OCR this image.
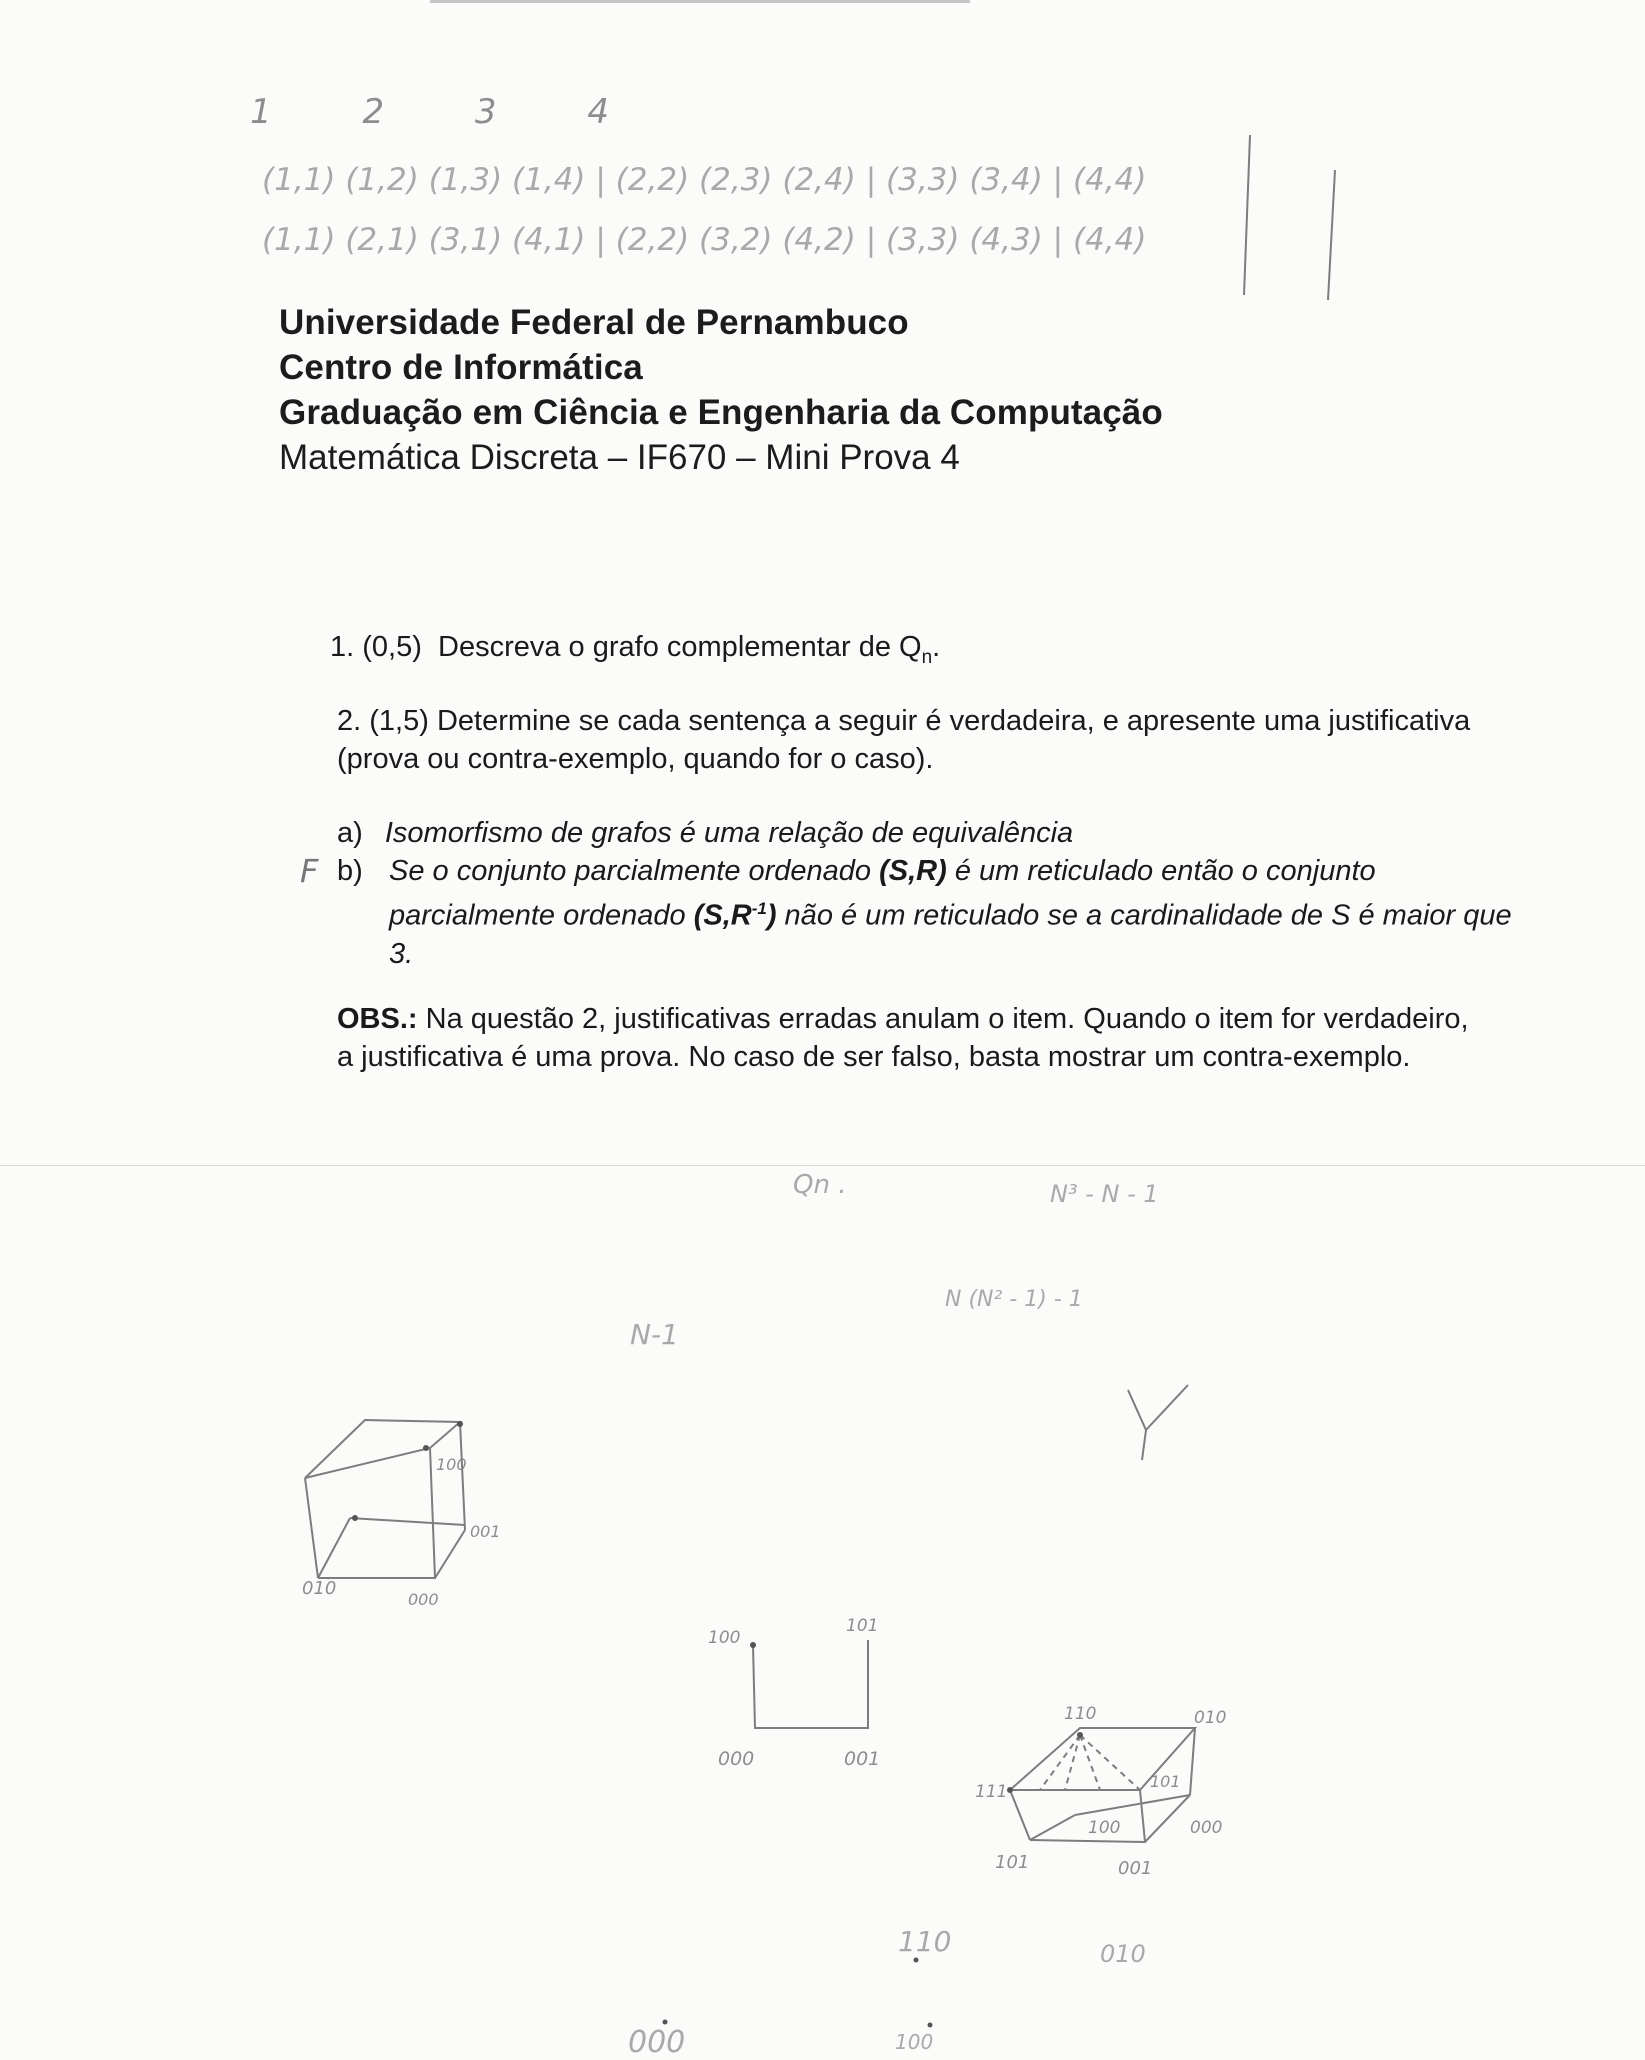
1 2 3 4
(1,1) (1,2) (1,3) (1,4) | (2,2) (2,3) (2,4) | (3,3) (3,4) | (4,4)
(1,1) (2,1) (3,1) (4,1) | (2,2) (3,2) (4,2) | (3,3) (4,3) | (4,4)
Universidade Federal de Pernambuco
Centro de Informática
Graduação em Ciência e Engenharia da Computação
Matemática Discreta – IF670 – Mini Prova 4
1. (0,5) Descreva o grafo complementar de $Q_n$.
2. (1,5) Determine se cada sentença a seguir é verdadeira, e apresente uma justificativa (prova ou contra-exemplo, quando for o caso).
a) Isomorfismo de grafos é uma relação de equivalência
F b) Se o conjunto parcialmente ordenado (S,R) é um reticulado então o conjunto parcialmente ordenado $(S,R^{-1})$ não é um reticulado se a cardinalidade de S é maior que 3.
OBS.: Na questão 2, justificativas erradas anulam o item. Quando o item for verdadeiro, a justificativa é uma prova. No caso de ser falso, basta mostrar um contra-exemplo.
Qn .	N³ - N - 1
N (N² - 1) - 1
N-1
100
001
010
000
100
101
000	001
110	010
111
101
100	000
101	001
110	010
000	100
